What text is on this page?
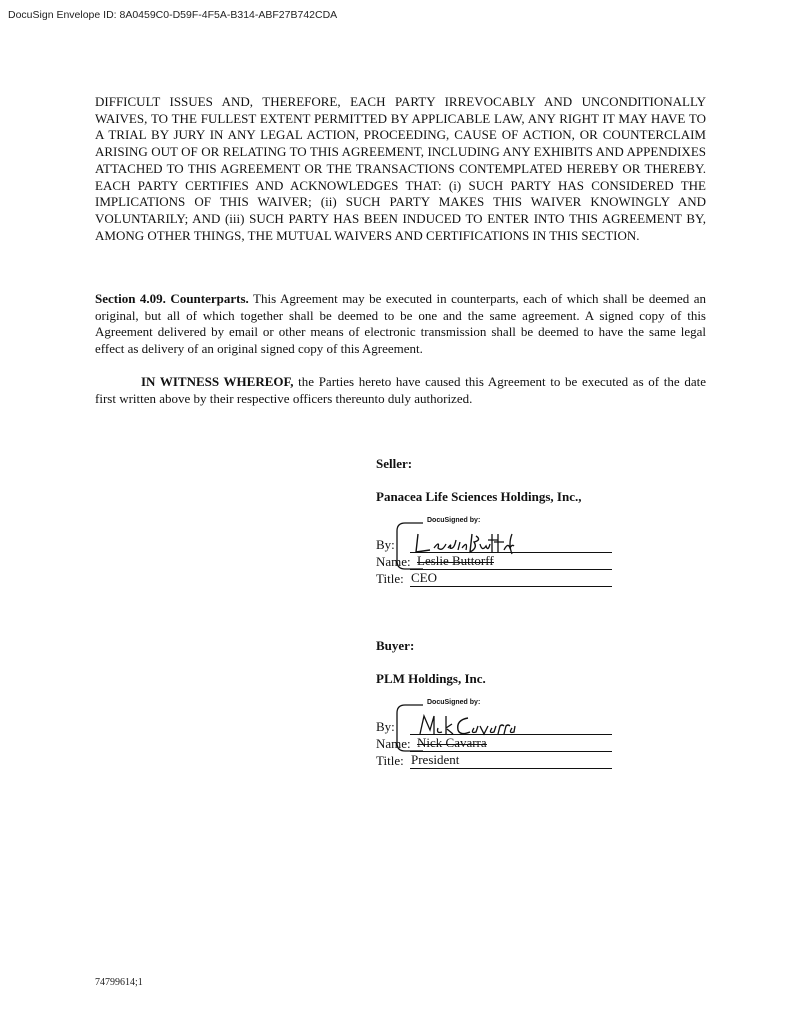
DocuSign Envelope ID: 8A0459C0-D59F-4F5A-B314-ABF27B742CDA
DIFFICULT ISSUES AND, THEREFORE, EACH PARTY IRREVOCABLY AND UNCONDITIONALLY WAIVES, TO THE FULLEST EXTENT PERMITTED BY APPLICABLE LAW, ANY RIGHT IT MAY HAVE TO A TRIAL BY JURY IN ANY LEGAL ACTION, PROCEEDING, CAUSE OF ACTION, OR COUNTERCLAIM ARISING OUT OF OR RELATING TO THIS AGREEMENT, INCLUDING ANY EXHIBITS AND APPENDIXES ATTACHED TO THIS AGREEMENT OR THE TRANSACTIONS CONTEMPLATED HEREBY OR THEREBY. EACH PARTY CERTIFIES AND ACKNOWLEDGES THAT: (i) SUCH PARTY HAS CONSIDERED THE IMPLICATIONS OF THIS WAIVER; (ii) SUCH PARTY MAKES THIS WAIVER KNOWINGLY AND VOLUNTARILY; AND (iii) SUCH PARTY HAS BEEN INDUCED TO ENTER INTO THIS AGREEMENT BY, AMONG OTHER THINGS, THE MUTUAL WAIVERS AND CERTIFICATIONS IN THIS SECTION.
Section 4.09. Counterparts. This Agreement may be executed in counterparts, each of which shall be deemed an original, but all of which together shall be deemed to be one and the same agreement. A signed copy of this Agreement delivered by email or other means of electronic transmission shall be deemed to have the same legal effect as delivery of an original signed copy of this Agreement.
IN WITNESS WHEREOF, the Parties hereto have caused this Agreement to be executed as of the date first written above by their respective officers thereunto duly authorized.
Seller:
Panacea Life Sciences Holdings, Inc.,
DocuSigned by:

By:
Name: Leslie Buttorff
Title: CEO
Buyer:
PLM Holdings, Inc.
DocuSigned by:

By:
Name: Nick Cavarra
Title: President
74799614;1
